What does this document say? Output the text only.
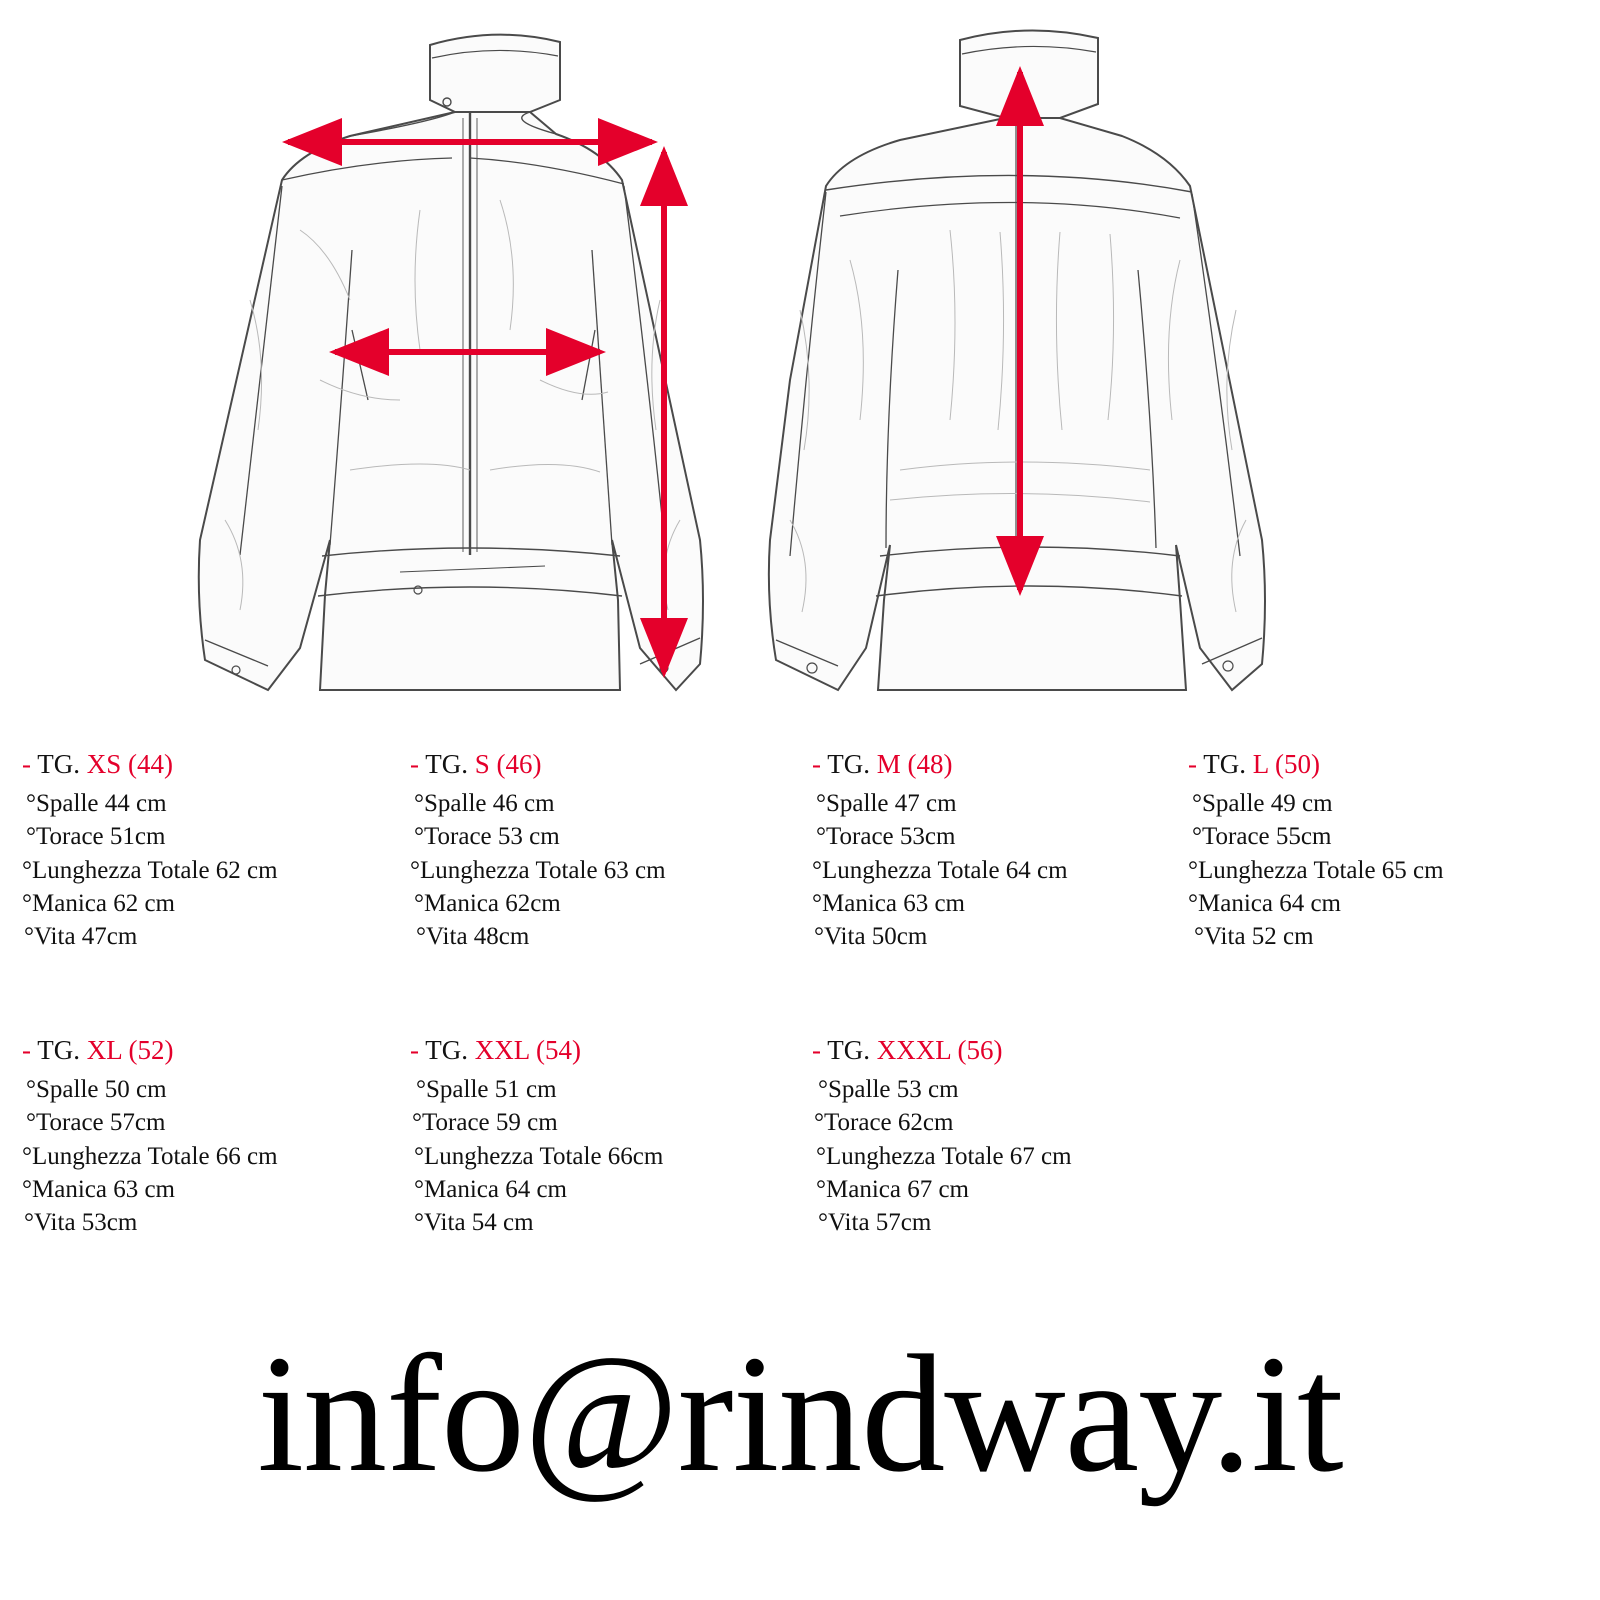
- TG. XS (44)
°Spalle 44 cm
°Torace 51cm
°Lunghezza Totale 62 cm
°Manica 62 cm
°Vita 47cm
- TG. S (46)
°Spalle 46 cm
°Torace 53 cm
°Lunghezza Totale 63 cm
°Manica 62cm
°Vita 48cm
- TG. M (48)
°Spalle 47 cm
°Torace 53cm
°Lunghezza Totale 64 cm
°Manica 63 cm
°Vita 50cm
- TG. L (50)
°Spalle 49 cm
°Torace 55cm
°Lunghezza Totale 65 cm
°Manica 64 cm
°Vita 52 cm
- TG. XL (52)
°Spalle 50 cm
°Torace 57cm
°Lunghezza Totale 66 cm
°Manica 63 cm
°Vita 53cm
- TG. XXL (54)
°Spalle 51 cm
°Torace 59 cm
°Lunghezza Totale 66cm
°Manica 64 cm
°Vita 54 cm
- TG. XXXL (56)
°Spalle 53 cm
°Torace 62cm
°Lunghezza Totale 67 cm
°Manica 67 cm
°Vita 57cm
info@rindway.it
